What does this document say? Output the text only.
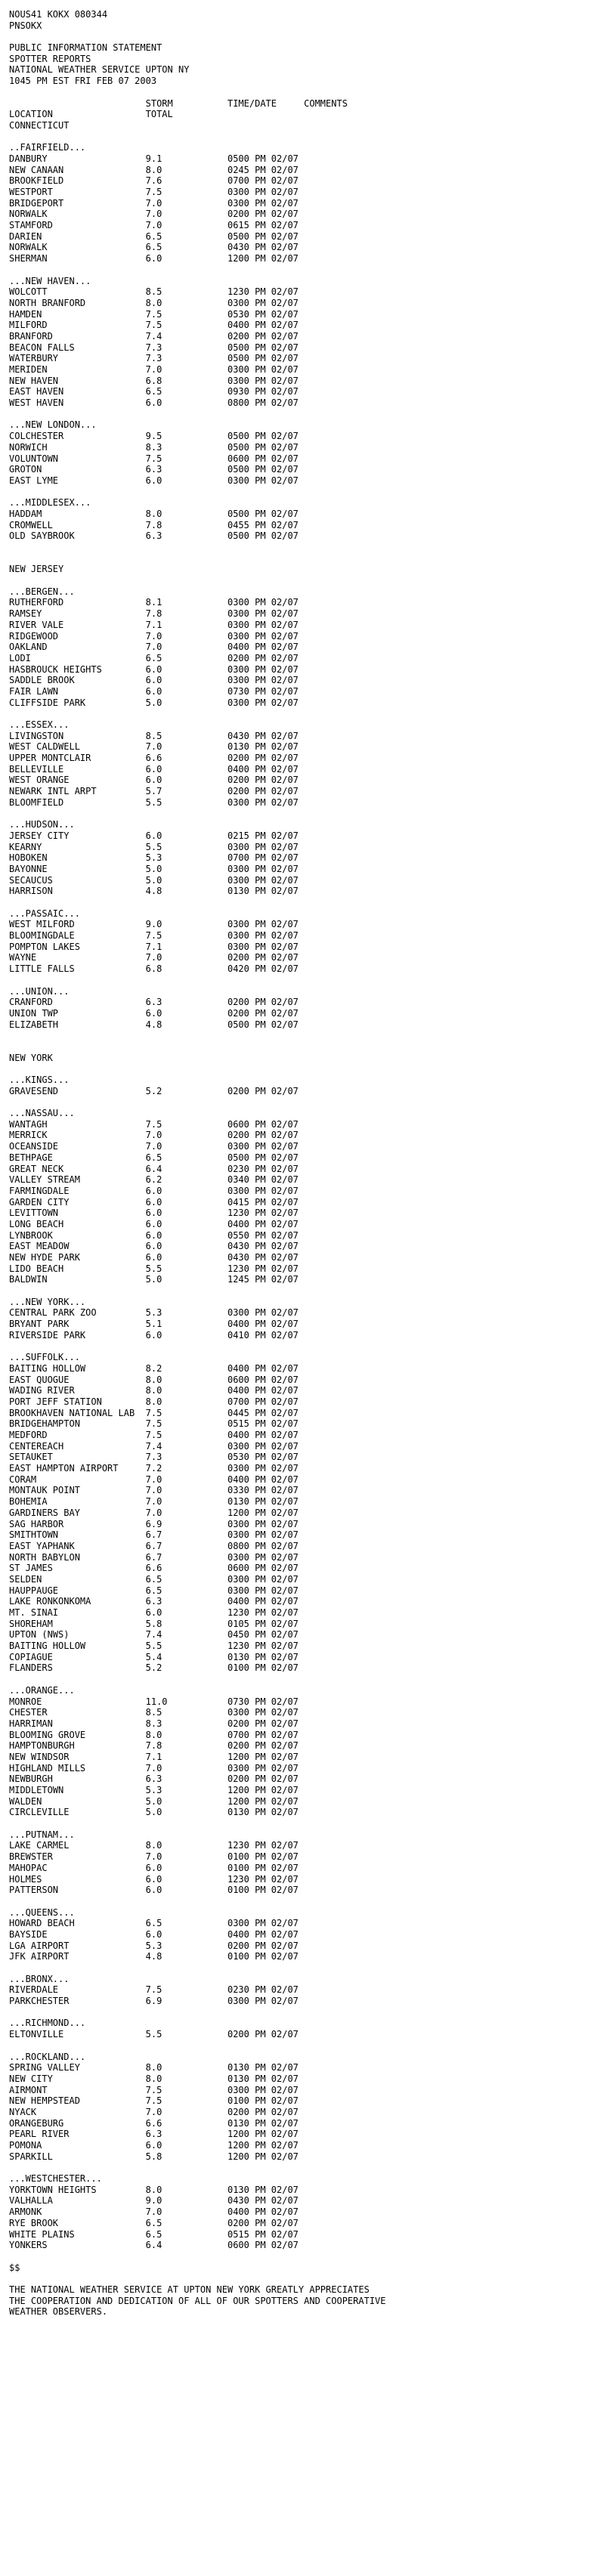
NOUS41 KOKX 080344
PNSOKX
PUBLIC INFORMATION STATEMENT
SPOTTER REPORTS
NATIONAL WEATHER SERVICE UPTON NY
1045 PM EST FRI FEB 07 2003
STORM          TIME/DATE     COMMENTS
LOCATION                 TOTAL
CONNECTICUT
..FAIRFIELD...
DANBURY                  9.1            0500 PM 02/07
NEW CANAAN               8.0            0245 PM 02/07
BROOKFIELD               7.6            0700 PM 02/07
WESTPORT                 7.5            0300 PM 02/07
BRIDGEPORT               7.0            0300 PM 02/07
NORWALK                  7.0            0200 PM 02/07
STAMFORD                 7.0            0615 PM 02/07
DARIEN                   6.5            0500 PM 02/07
NORWALK                  6.5            0430 PM 02/07
SHERMAN                  6.0            1200 PM 02/07
...NEW HAVEN...
WOLCOTT                  8.5            1230 PM 02/07
NORTH BRANFORD           8.0            0300 PM 02/07
HAMDEN                   7.5            0530 PM 02/07
MILFORD                  7.5            0400 PM 02/07
BRANFORD                 7.4            0200 PM 02/07
BEACON FALLS             7.3            0500 PM 02/07
WATERBURY                7.3            0500 PM 02/07
MERIDEN                  7.0            0300 PM 02/07
NEW HAVEN                6.8            0300 PM 02/07
EAST HAVEN               6.5            0930 PM 02/07
WEST HAVEN               6.0            0800 PM 02/07
...NEW LONDON...
COLCHESTER               9.5            0500 PM 02/07
NORWICH                  8.3            0500 PM 02/07
VOLUNTOWN                7.5            0600 PM 02/07
GROTON                   6.3            0500 PM 02/07
EAST LYME                6.0            0300 PM 02/07
...MIDDLESEX...
HADDAM                   8.0            0500 PM 02/07
CROMWELL                 7.8            0455 PM 02/07
OLD SAYBROOK             6.3            0500 PM 02/07
NEW JERSEY
...BERGEN...
RUTHERFORD               8.1            0300 PM 02/07
RAMSEY                   7.8            0300 PM 02/07
RIVER VALE               7.1            0300 PM 02/07
RIDGEWOOD                7.0            0300 PM 02/07
OAKLAND                  7.0            0400 PM 02/07
LODI                     6.5            0200 PM 02/07
HASBROUCK HEIGHTS        6.0            0300 PM 02/07
SADDLE BROOK             6.0            0300 PM 02/07
FAIR LAWN                6.0            0730 PM 02/07
CLIFFSIDE PARK           5.0            0300 PM 02/07
...ESSEX...
LIVINGSTON               8.5            0430 PM 02/07
WEST CALDWELL            7.0            0130 PM 02/07
UPPER MONTCLAIR          6.6            0200 PM 02/07
BELLEVILLE               6.0            0400 PM 02/07
WEST ORANGE              6.0            0200 PM 02/07
NEWARK INTL ARPT         5.7            0200 PM 02/07
BLOOMFIELD               5.5            0300 PM 02/07
...HUDSON...
JERSEY CITY              6.0            0215 PM 02/07
KEARNY                   5.5            0300 PM 02/07
HOBOKEN                  5.3            0700 PM 02/07
BAYONNE                  5.0            0300 PM 02/07
SECAUCUS                 5.0            0300 PM 02/07
HARRISON                 4.8            0130 PM 02/07
...PASSAIC...
WEST MILFORD             9.0            0300 PM 02/07
BLOOMINGDALE             7.5            0300 PM 02/07
POMPTON LAKES            7.1            0300 PM 02/07
WAYNE                    7.0            0200 PM 02/07
LITTLE FALLS             6.8            0420 PM 02/07
...UNION...
CRANFORD                 6.3            0200 PM 02/07
UNION TWP                6.0            0200 PM 02/07
ELIZABETH                4.8            0500 PM 02/07
NEW YORK
...KINGS...
GRAVESEND                5.2            0200 PM 02/07
...NASSAU...
WANTAGH                  7.5            0600 PM 02/07
MERRICK                  7.0            0200 PM 02/07
OCEANSIDE                7.0            0300 PM 02/07
BETHPAGE                 6.5            0500 PM 02/07
GREAT NECK               6.4            0230 PM 02/07
VALLEY STREAM            6.2            0340 PM 02/07
FARMINGDALE              6.0            0300 PM 02/07
GARDEN CITY              6.0            0415 PM 02/07
LEVITTOWN                6.0            1230 PM 02/07
LONG BEACH               6.0            0400 PM 02/07
LYNBROOK                 6.0            0550 PM 02/07
EAST MEADOW              6.0            0430 PM 02/07
NEW HYDE PARK            6.0            0430 PM 02/07
LIDO BEACH               5.5            1230 PM 02/07
BALDWIN                  5.0            1245 PM 02/07
...NEW YORK...
CENTRAL PARK ZOO         5.3            0300 PM 02/07
BRYANT PARK              5.1            0400 PM 02/07
RIVERSIDE PARK           6.0            0410 PM 02/07
...SUFFOLK...
BAITING HOLLOW           8.2            0400 PM 02/07
EAST QUOGUE              8.0            0600 PM 02/07
WADING RIVER             8.0            0400 PM 02/07
PORT JEFF STATION        8.0            0700 PM 02/07
BROOKHAVEN NATIONAL LAB  7.5            0445 PM 02/07
BRIDGEHAMPTON            7.5            0515 PM 02/07
MEDFORD                  7.5            0400 PM 02/07
CENTEREACH               7.4            0300 PM 02/07
SETAUKET                 7.3            0530 PM 02/07
EAST HAMPTON AIRPORT     7.2            0300 PM 02/07
CORAM                    7.0            0400 PM 02/07
MONTAUK POINT            7.0            0330 PM 02/07
BOHEMIA                  7.0            0130 PM 02/07
GARDINERS BAY            7.0            1200 PM 02/07
SAG HARBOR               6.9            0300 PM 02/07
SMITHTOWN                6.7            0300 PM 02/07
EAST YAPHANK             6.7            0800 PM 02/07
NORTH BABYLON            6.7            0300 PM 02/07
ST JAMES                 6.6            0600 PM 02/07
SELDEN                   6.5            0300 PM 02/07
HAUPPAUGE                6.5            0300 PM 02/07
LAKE RONKONKOMA          6.3            0400 PM 02/07
MT. SINAI                6.0            1230 PM 02/07
SHOREHAM                 5.8            0105 PM 02/07
UPTON (NWS)              7.4            0450 PM 02/07
BAITING HOLLOW           5.5            1230 PM 02/07
COPIAGUE                 5.4            0130 PM 02/07
FLANDERS                 5.2            0100 PM 02/07
...ORANGE...
MONROE                   11.0           0730 PM 02/07
CHESTER                  8.5            0300 PM 02/07
HARRIMAN                 8.3            0200 PM 02/07
BLOOMING GROVE           8.0            0700 PM 02/07
HAMPTONBURGH             7.8            0200 PM 02/07
NEW WINDSOR              7.1            1200 PM 02/07
HIGHLAND MILLS           7.0            0300 PM 02/07
NEWBURGH                 6.3            0200 PM 02/07
MIDDLETOWN               5.3            1200 PM 02/07
WALDEN                   5.0            1200 PM 02/07
CIRCLEVILLE              5.0            0130 PM 02/07
...PUTNAM...
LAKE CARMEL              8.0            1230 PM 02/07
BREWSTER                 7.0            0100 PM 02/07
MAHOPAC                  6.0            0100 PM 02/07
HOLMES                   6.0            1230 PM 02/07
PATTERSON                6.0            0100 PM 02/07
...QUEENS...
HOWARD BEACH             6.5            0300 PM 02/07
BAYSIDE                  6.0            0400 PM 02/07
LGA AIRPORT              5.3            0200 PM 02/07
JFK AIRPORT              4.8            0100 PM 02/07
...BRONX...
RIVERDALE                7.5            0230 PM 02/07
PARKCHESTER              6.9            0300 PM 02/07
...RICHMOND...
ELTONVILLE               5.5            0200 PM 02/07
...ROCKLAND...
SPRING VALLEY            8.0            0130 PM 02/07
NEW CITY                 8.0            0130 PM 02/07
AIRMONT                  7.5            0300 PM 02/07
NEW HEMPSTEAD            7.5            0100 PM 02/07
NYACK                    7.0            0200 PM 02/07
ORANGEBURG               6.6            0130 PM 02/07
PEARL RIVER              6.3            1200 PM 02/07
POMONA                   6.0            1200 PM 02/07
SPARKILL                 5.8            1200 PM 02/07
...WESTCHESTER...
YORKTOWN HEIGHTS         8.0            0130 PM 02/07
VALHALLA                 9.0            0430 PM 02/07
ARMONK                   7.0            0400 PM 02/07
RYE BROOK                6.5            0200 PM 02/07
WHITE PLAINS             6.5            0515 PM 02/07
YONKERS                  6.4            0600 PM 02/07
$$
THE NATIONAL WEATHER SERVICE AT UPTON NEW YORK GREATLY APPRECIATES
THE COOPERATION AND DEDICATION OF ALL OF OUR SPOTTERS AND COOPERATIVE
WEATHER OBSERVERS.
